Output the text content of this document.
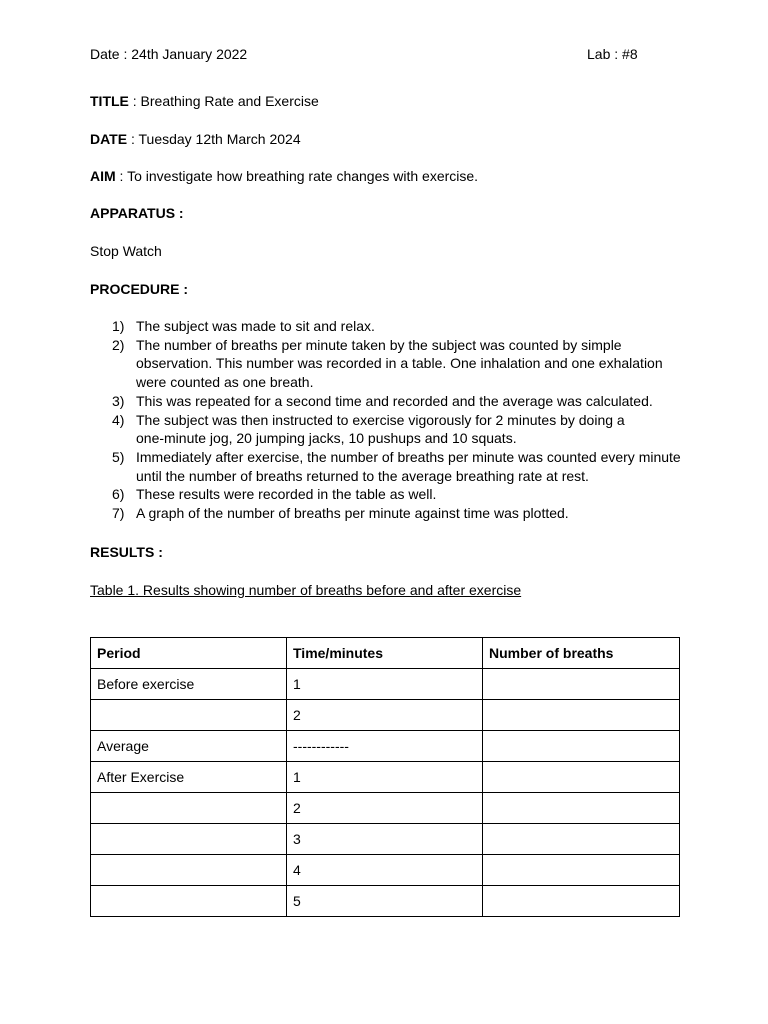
Date : 24th January 2022	Lab : #8
TITLE : Breathing Rate and Exercise
DATE : Tuesday 12th March 2024
AIM : To investigate how breathing rate changes with exercise.
APPARATUS :
Stop Watch
PROCEDURE :
1) The subject was made to sit and relax.
2) The number of breaths per minute taken by the subject was counted by simple
observation. This number was recorded in a table. One inhalation and one exhalation
were counted as one breath.
3) This was repeated for a second time and recorded and the average was calculated.
4) The subject was then instructed to exercise vigorously for 2 minutes by doing a
one-minute jog, 20 jumping jacks, 10 pushups and 10 squats.
5) Immediately after exercise, the number of breaths per minute was counted every minute
until the number of breaths returned to the average breathing rate at rest.
6) These results were recorded in the table as well.
7) A graph of the number of breaths per minute against time was plotted.
RESULTS :
Table 1. Results showing number of breaths before and after exercise
Period	Time/minutes	Number of breaths
Before exercise	1	
	2	
Average	------------	
After Exercise	1	
	2	
	3	
	4	
	5	
